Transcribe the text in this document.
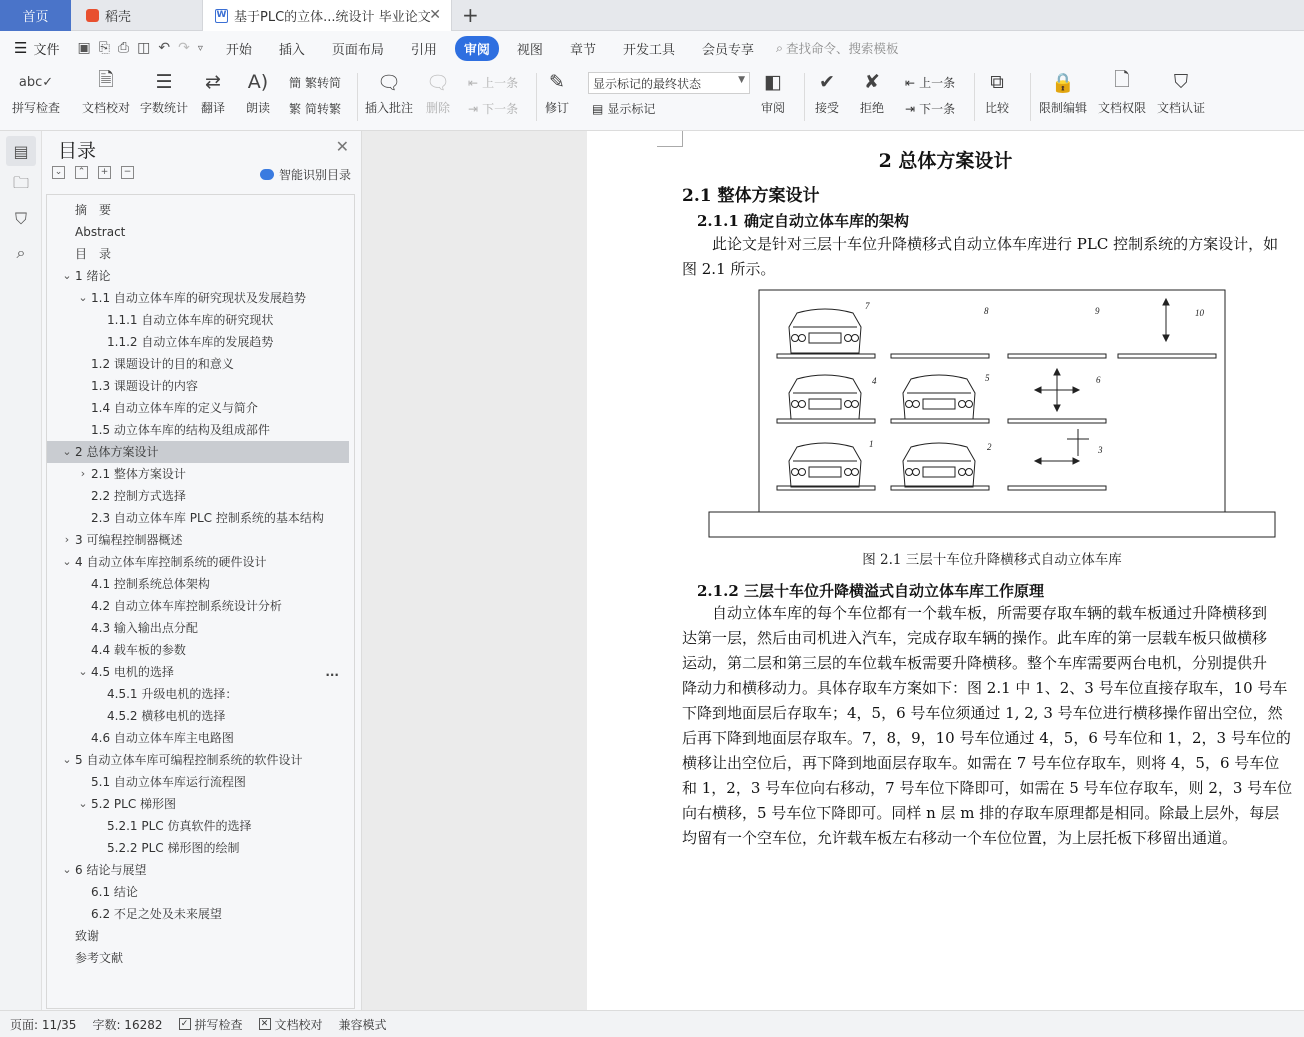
首页	稻壳	W 基于PLC的立体...统设计 毕业论文
✕ +
☰ 文件 ▣ ⎘ ⎙ ◫ ↶ ↷ ▿	开始	插入	页面布局	引用	审阅	视图	章节	开发工具	会员专享	⌕ 查找命令、搜索模板
abc✓
拼写检查
🗎
文档校对
☰
字数统计
⇄
翻译
A)
朗读
簡 繁转简
繁 简转繁
🗨
插入批注
🗨
删除
⇤ 上一条
⇥ 下一条
✎
修订
显示标记的最终状态	▼
▤ 显示标记
◧
审阅
✔
接受
✘
拒绝
⇤ 上一条
⇥ 下一条
⧉
比较
🔒
限制编辑
🗋
文档权限
⛉
文档认证
▤
🗀
⛉
⌕
目录	✕
⌄	⌃	+	−	智能识别目录
摘　要
Abstract
目　录
⌄ 1 绪论
⌄ 1.1 自动立体车库的研究现状及发展趋势
1.1.1 自动立体车库的研究现状
1.1.2 自动立体车库的发展趋势
1.2 课题设计的目的和意义
1.3 课题设计的内容
1.4 自动立体车库的定义与简介
1.5 动立体车库的结构及组成部件
⌄ 2 总体方案设计
› 2.1 整体方案设计
2.2 控制方式选择
2.3 自动立体车库 PLC 控制系统的基本结构
› 3 可编程控制器概述
⌄ 4 自动立体车库控制系统的硬件设计
4.1 控制系统总体架构
4.2 自动立体车库控制系统设计分析
4.3 输入输出点分配
4.4 载车板的参数
⌄ 4.5 电机的选择	...
4.5.1 升级电机的选择：
4.5.2 横移电机的选择
4.6 自动立体车库主电路图
⌄ 5 自动立体车库可编程控制系统的软件设计
5.1 自动立体车库运行流程图
⌄ 5.2 PLC 梯形图
5.2.1 PLC 仿真软件的选择
5.2.2 PLC 梯形图的绘制
⌄ 6 结论与展望
6.1 结论
6.2 不足之处及未来展望
致谢
参考文献
2 总体方案设计
2.1 整体方案设计
2.1.1 确定自动立体车库的架构
　　此论文是针对三层十车位升降横移式自动立体车库进行 PLC 控制系统的方案设计，如
图 2.1 所示。
7	8	9	10
4	5	6
1	2	3
图 2.1 三层十车位升降横移式自动立体车库
2.1.2 三层十车位升降横溢式自动立体车库工作原理
　　自动立体车库的每个车位都有一个载车板，所需要存取车辆的载车板通过升降横移到
达第一层，然后由司机进入汽车，完成存取车辆的操作。此车库的第一层载车板只做横移
运动，第二层和第三层的车位载车板需要升降横移。整个车库需要两台电机，分别提供升
降动力和横移动力。具体存取车方案如下：图 2.1 中 1、2、3 号车位直接存取车，10 号车
下降到地面层后存取车；4，5，6 号车位须通过 1, 2, 3 号车位进行横移操作留出空位，然
后再下降到地面层存取车。7，8，9，10 号车位通过 4，5，6 号车位和 1，2，3 号车位的
横移让出空位后，再下降到地面层存取车。如需在 7 号车位存取车，则将 4，5，6 号车位
和 1，2，3 号车位向右移动，7 号车位下降即可，如需在 5 号车位存取车，则 2，3 号车位
向右横移，5 号车位下降即可。同样 n 层 m 排的存取车原理都是相同。除最上层外，每层
均留有一个空车位，允许载车板左右移动一个车位位置，为上层托板下移留出通道。
页面: 11/35 字数: 16282 ✓ 拼写检查 ✕ 文档校对 兼容模式
